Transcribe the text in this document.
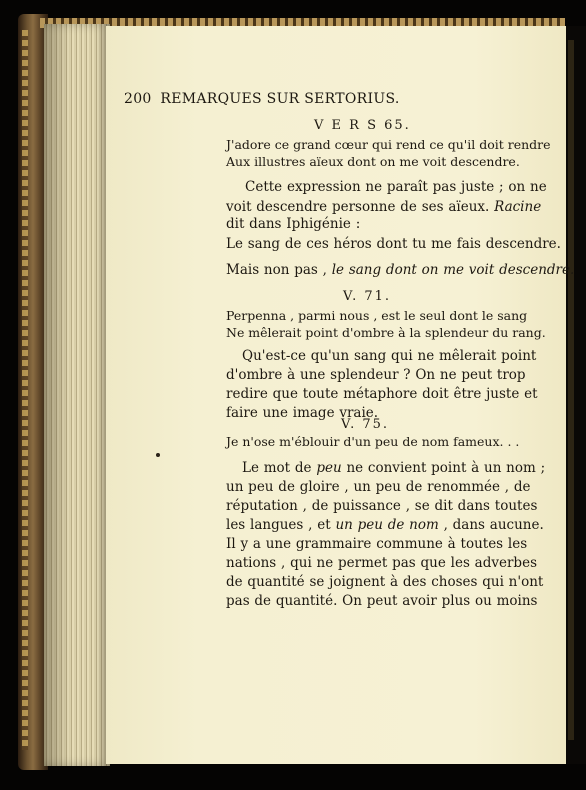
200 REMARQUES SUR SERTORIUS.
V E R S 65.
J'adore ce grand cœur qui rend ce qu'il doit rendre
Aux illustres aïeux dont on me voit descendre.
Cette expression ne paraît pas juste ; on ne
voit descendre personne de ses aïeux. Racine
dit dans Iphigénie :
Le sang de ces héros dont tu me fais descendre.
Mais non pas , le sang dont on me voit descendre.
V. 71.
Perpenna , parmi nous , est le seul dont le sang
Ne mêlerait point d'ombre à la splendeur du rang.
Qu'est-ce qu'un sang qui ne mêlerait point
d'ombre à une splendeur ? On ne peut trop
redire que toute métaphore doit être juste et
faire une image vraie.
V. 75.
Je n'ose m'éblouir d'un peu de nom fameux. . .
Le mot de peu ne convient point à un nom ;
un peu de gloire , un peu de renommée , de
réputation , de puissance , se dit dans toutes
les langues , et un peu de nom , dans aucune.
Il y a une grammaire commune à toutes les
nations , qui ne permet pas que les adverbes
de quantité se joignent à des choses qui n'ont
pas de quantité. On peut avoir plus ou moins
